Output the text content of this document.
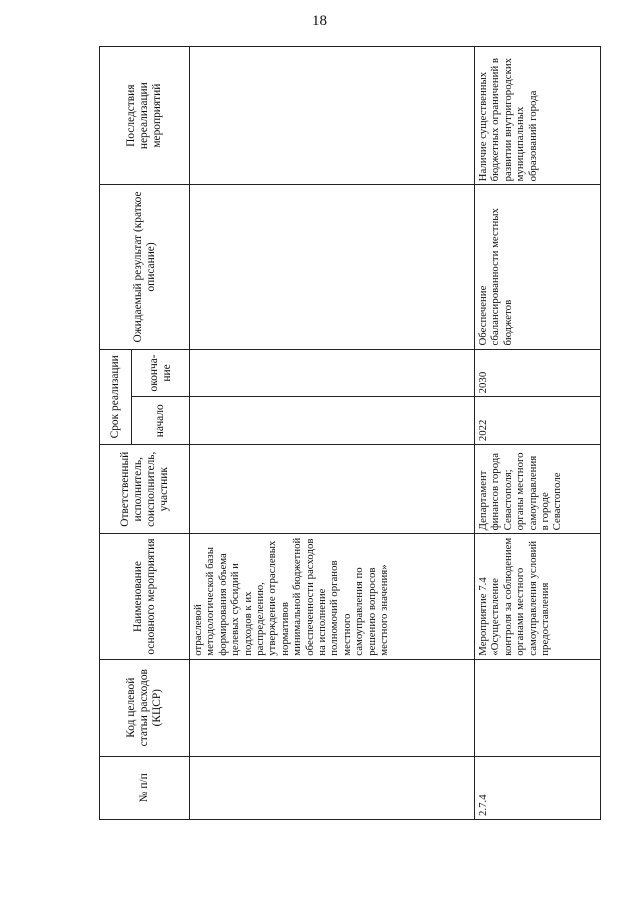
18
№ п/п	Код целевой статьи расходов (КЦСР)	Наименование основного мероприятия	Ответственный исполнитель, соисполнитель, участник	Срок реализации		Ожидаемый результат (краткое описание)	Последствия нереализации мероприятий
				начало	оконча-ние		
		отраслевой методологической базы формирования объема целевых субсидий и подходов к их распределению, утверждение отраслевых нормативов минимальной бюджетной обеспеченности расходов на исполнение полномочий органов местного самоуправления по решению вопросов местного значения»					
2.7.4		Мероприятие 7.4 «Осуществление контроля за соблюдением органами местного самоуправления условий предоставления	Департамент финансов города Севастополя; органы местного самоуправления в городе Севастополе	2022	2030	Обеспечение сбалансированности местных бюджетов	Наличие существенных бюджетных ограничений в развитии внутригородских муниципальных образований города
